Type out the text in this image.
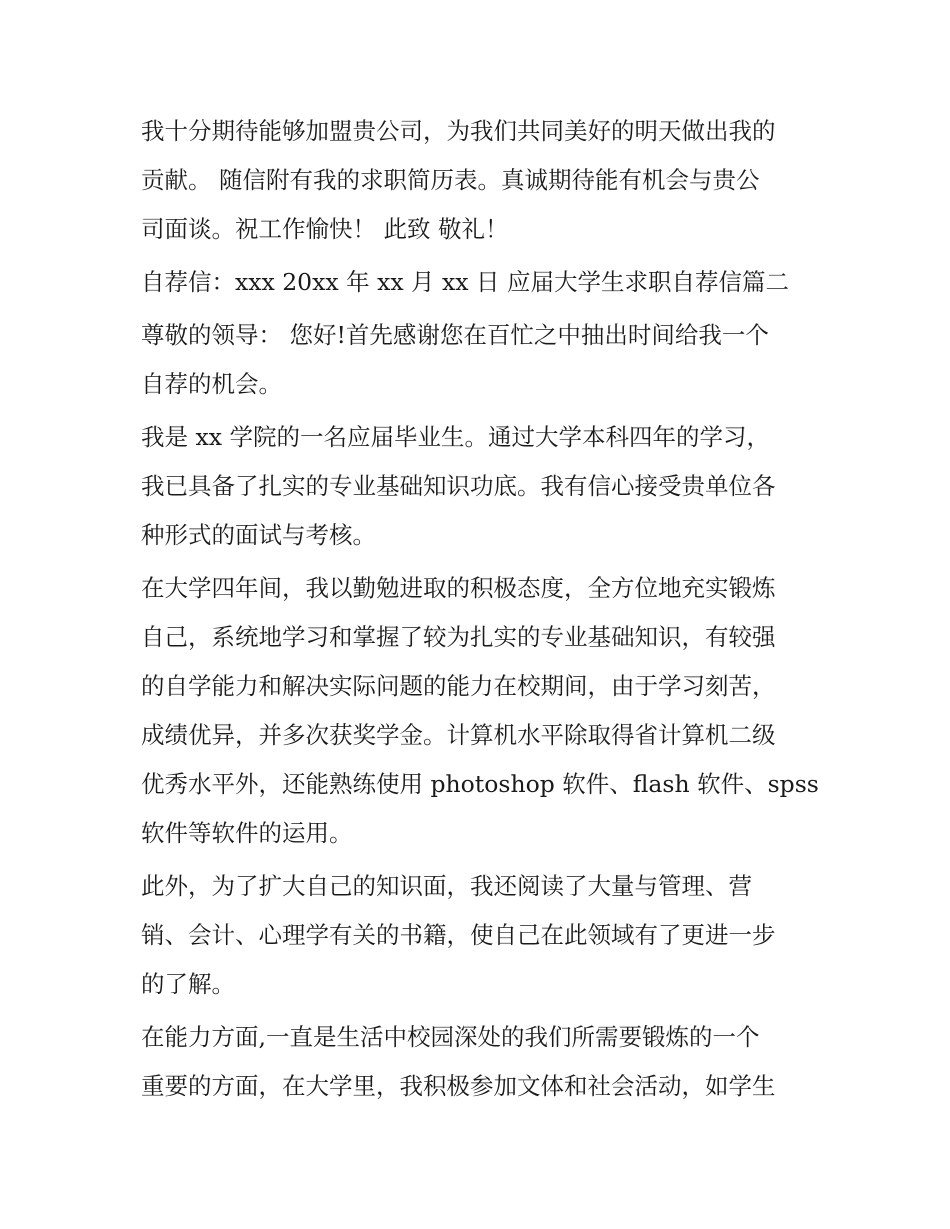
我十分期待能够加盟贵公司，为我们共同美好的明天做出我的
贡献。 随信附有我的求职简历表。真诚期待能有机会与贵公
司面谈。祝工作愉快！ 此致 敬礼！

自荐信：xxx 20xx 年 xx 月 xx 日 应届大学生求职自荐信篇二

尊敬的领导： 您好!首先感谢您在百忙之中抽出时间给我一个
自荐的机会。

我是 xx 学院的一名应届毕业生。通过大学本科四年的学习，
我已具备了扎实的专业基础知识功底。我有信心接受贵单位各
种形式的面试与考核。

在大学四年间，我以勤勉进取的积极态度，全方位地充实锻炼
自己，系统地学习和掌握了较为扎实的专业基础知识，有较强
的自学能力和解决实际问题的能力在校期间，由于学习刻苦，
成绩优异，并多次获奖学金。计算机水平除取得省计算机二级
优秀水平外，还能熟练使用 photoshop 软件、flash 软件、spss
软件等软件的运用。

此外，为了扩大自己的知识面，我还阅读了大量与管理、营
销、会计、心理学有关的书籍，使自己在此领域有了更进一步
的了解。

在能力方面,一直是生活中校园深处的我们所需要锻炼的一个
重要的方面，在大学里，我积极参加文体和社会活动，如学生
